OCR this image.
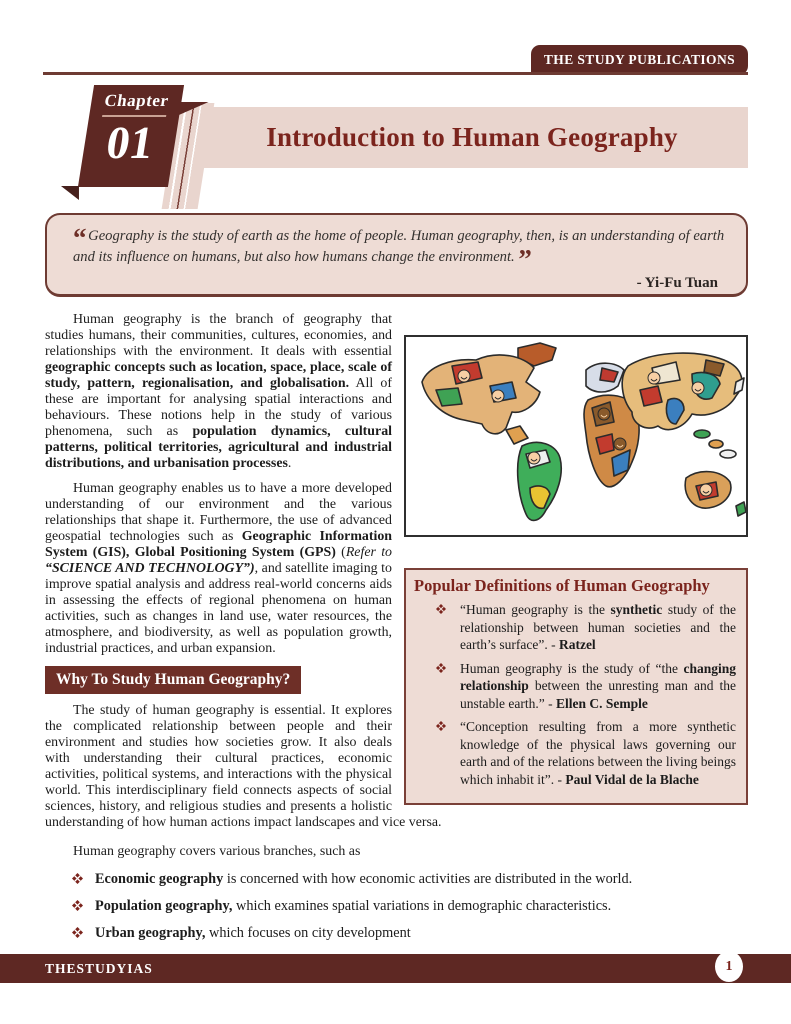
THE STUDY PUBLICATIONS
Introduction to Human Geography
Chapter
01
“ Geography is the study of earth as the home of people. Human geography, then, is an understanding of earth and its influence on humans, but also how humans change the environment. ”
- Yi-Fu Tuan
Popular Definitions of Human Geography
“Human geography is the synthetic study of the relationship between human societies and the earth’s surface”. - Ratzel
Human geography is the study of “the changing relationship between the unresting man and the unstable earth.” - Ellen C. Semple
“Conception resulting from a more synthetic knowledge of the physical laws governing our earth and of the relations between the living beings which inhabit it”. - Paul Vidal de la Blache

Human geography is the branch of geography that studies humans, their communities, cultures, economies, and relationships with the environment. It deals with essential geographic concepts such as location, space, place, scale of study, pattern, regionalisation, and globalisation. All of these are important for analysing spatial interactions and behaviours. These notions help in the study of various phenomena, such as population dynamics, cultural patterns, political territories, agricultural and industrial distributions, and urbanisation processes.

Human geography enables us to have a more developed understanding of our environment and the various relationships that shape it. Furthermore, the use of advanced geospatial technologies such as Geographic Information System (GIS), Global Positioning System (GPS) (Refer to “SCIENCE AND TECHNOLOGY”), and satellite imaging to improve spatial analysis and address real-world concerns aids in assessing the effects of regional phenomena on human activities, such as changes in land use, water resources, the atmosphere, and biodiversity, as well as population growth, industrial practices, and urban expansion.

Why To Study Human Geography?

The study of human geography is essential. It explores the complicated relationship between people and their environment and studies how societies grow. It also deals with understanding their cultural practices, economic activities, political systems, and interactions with the physical world. This interdisciplinary field connects aspects of social sciences, history, and religious studies and presents a holistic understanding of how human actions impact landscapes and vice versa.

Human geography covers various branches, such as

Economic geography is concerned with how economic activities are distributed in the world.
Population geography, which examines spatial variations in demographic characteristics.
Urban geography, which focuses on city development
THESTUDYIAS	1
